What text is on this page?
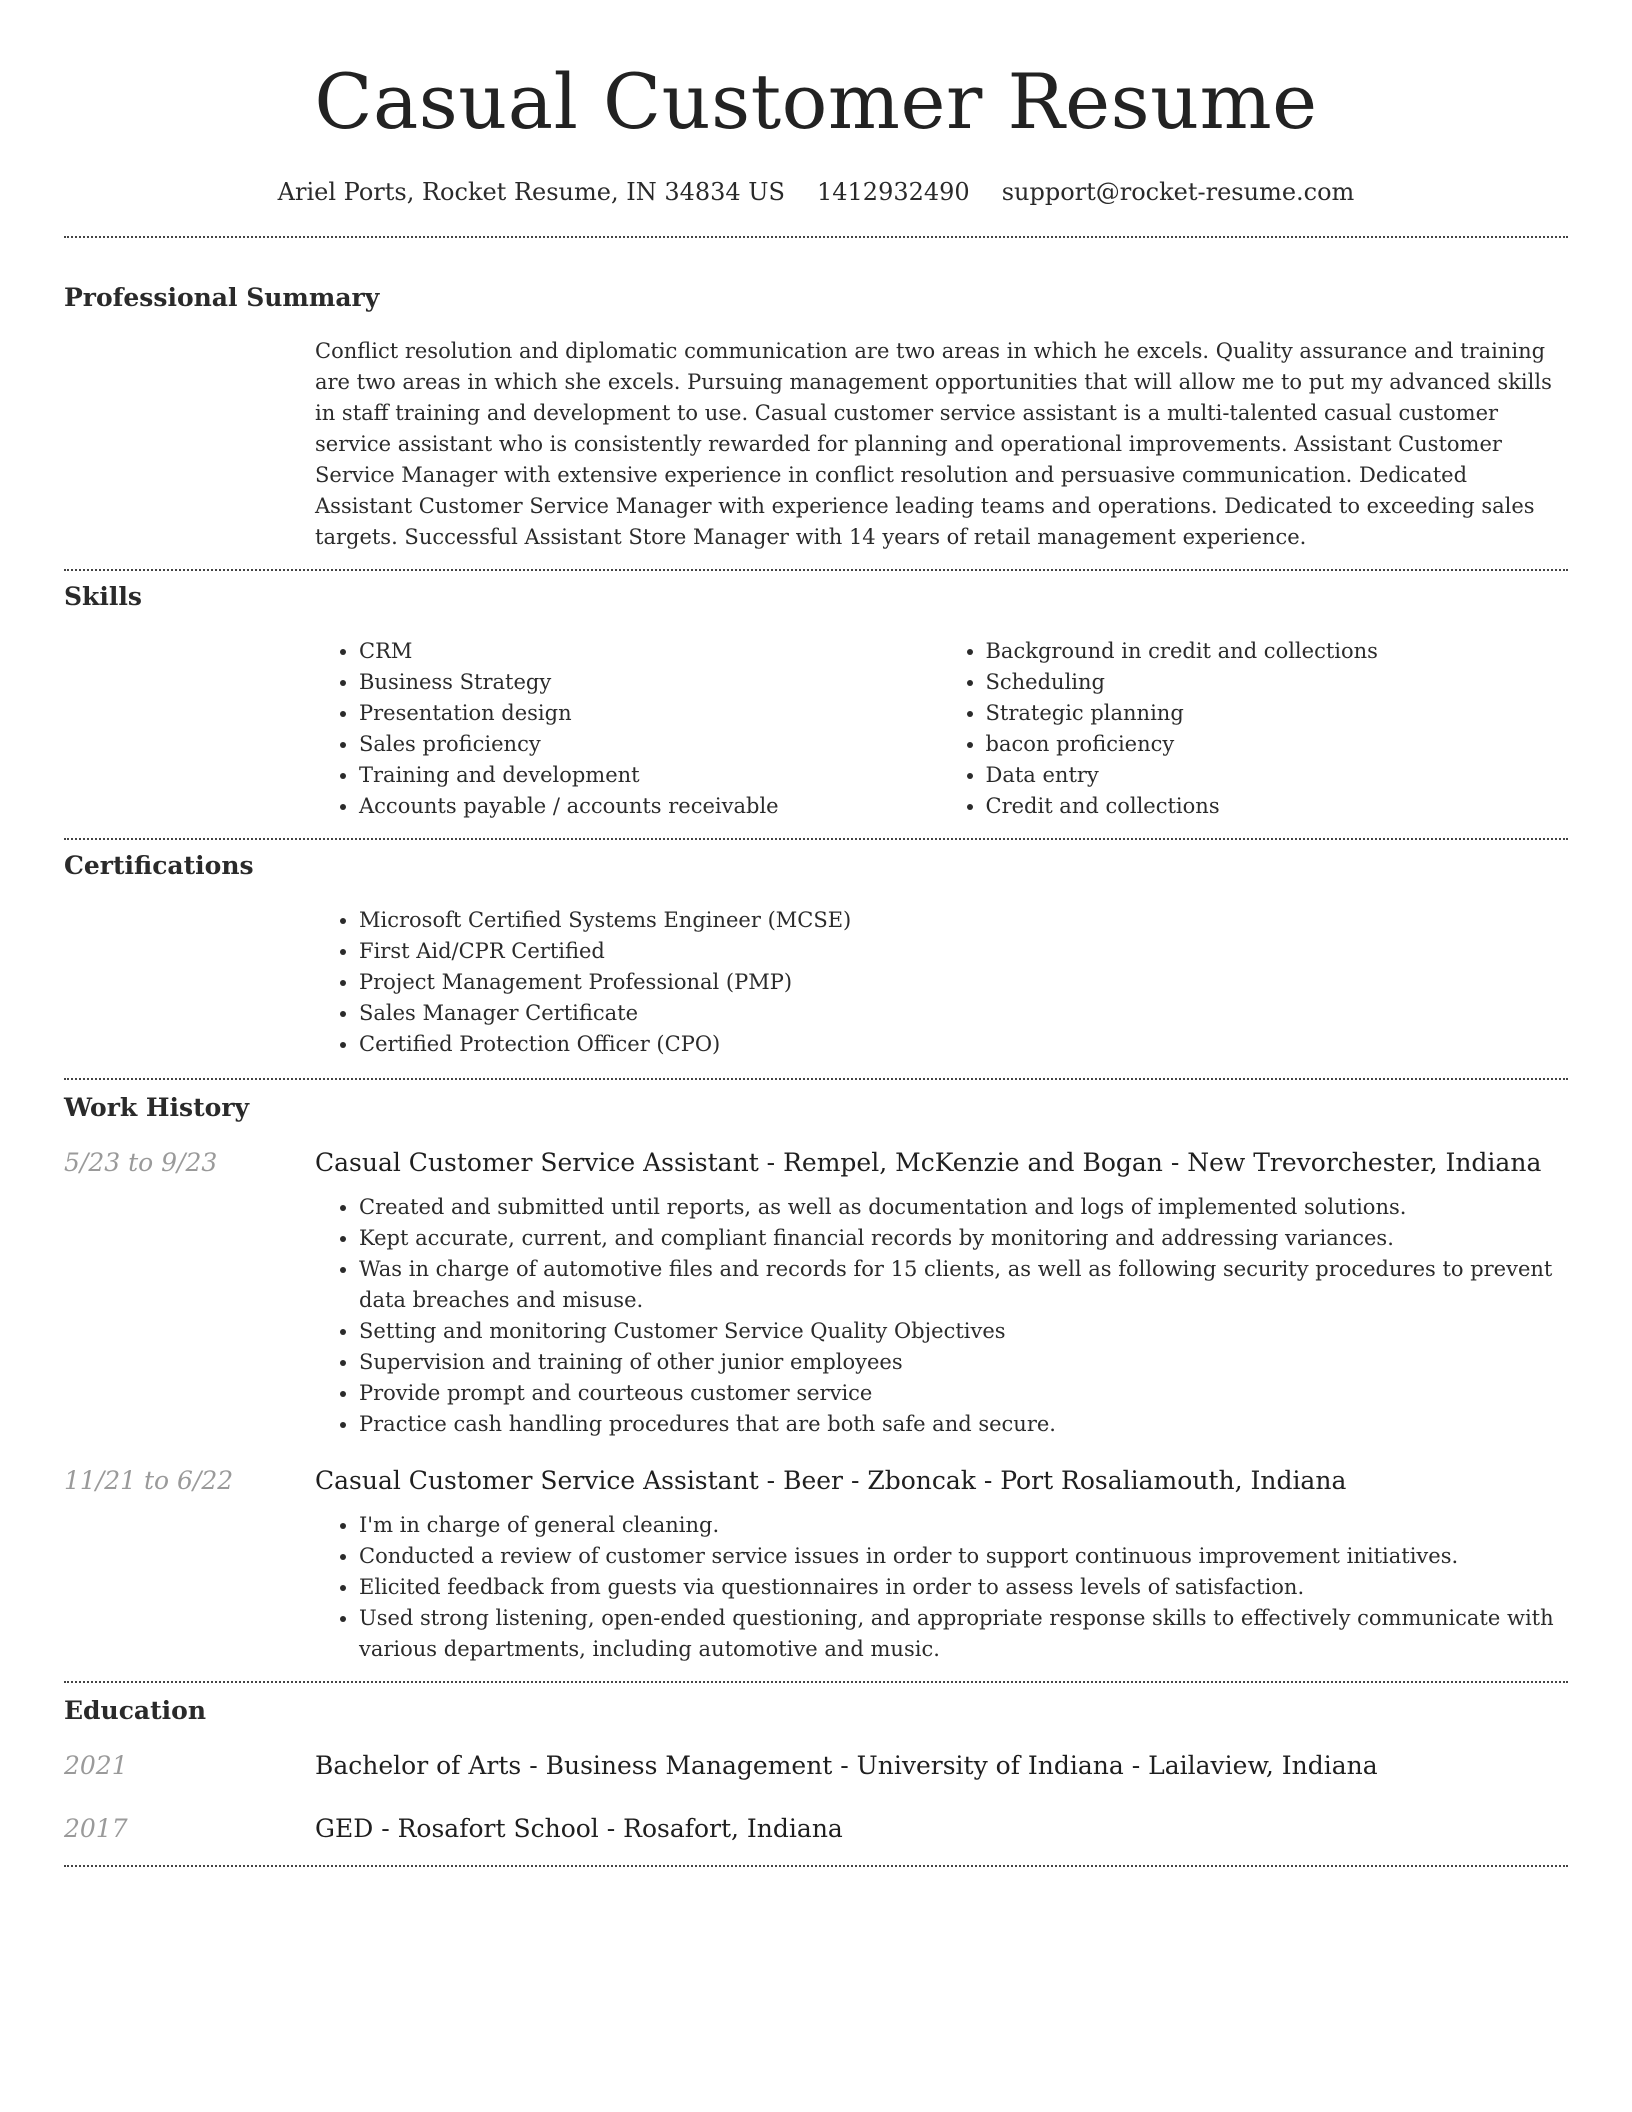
Casual Customer Resume
Ariel Ports, Rocket Resume, IN 34834 US 1412932490 support@rocket-resume.com
Professional Summary

Conflict resolution and diplomatic communication are two areas in which he excels. Quality assurance and training are two areas in which she excels. Pursuing management opportunities that will allow me to put my advanced skills in staff training and development to use. Casual customer service assistant is a multi-talented casual customer service assistant who is consistently rewarded for planning and operational improvements. Assistant Customer Service Manager with extensive experience in conflict resolution and persuasive communication. Dedicated Assistant Customer Service Manager with experience leading teams and operations. Dedicated to exceeding sales targets. Successful Assistant Store Manager with 14 years of retail management experience.

Skills
• CRM
• Business Strategy
• Presentation design
• Sales proficiency
• Training and development
• Accounts payable / accounts receivable
• Background in credit and collections
• Scheduling
• Strategic planning
• bacon proficiency
• Data entry
• Credit and collections
Certifications
• Microsoft Certified Systems Engineer (MCSE)
• First Aid/CPR Certified
• Project Management Professional (PMP)
• Sales Manager Certificate
• Certified Protection Officer (CPO)
Work History
5/23 to 9/23	Casual Customer Service Assistant - Rempel, McKenzie and Bogan - New Trevorchester, Indiana
• Created and submitted until reports, as well as documentation and logs of implemented solutions.
• Kept accurate, current, and compliant financial records by monitoring and addressing variances.
• Was in charge of automotive files and records for 15 clients, as well as following security procedures to prevent data breaches and misuse.
• Setting and monitoring Customer Service Quality Objectives
• Supervision and training of other junior employees
• Provide prompt and courteous customer service
• Practice cash handling procedures that are both safe and secure.
11/21 to 6/22	Casual Customer Service Assistant - Beer - Zboncak - Port Rosaliamouth, Indiana
• I'm in charge of general cleaning.
• Conducted a review of customer service issues in order to support continuous improvement initiatives.
• Elicited feedback from guests via questionnaires in order to assess levels of satisfaction.
• Used strong listening, open-ended questioning, and appropriate response skills to effectively communicate with various departments, including automotive and music.
Education
2021	Bachelor of Arts - Business Management - University of Indiana - Lailaview, Indiana
2017	GED - Rosafort School - Rosafort, Indiana
